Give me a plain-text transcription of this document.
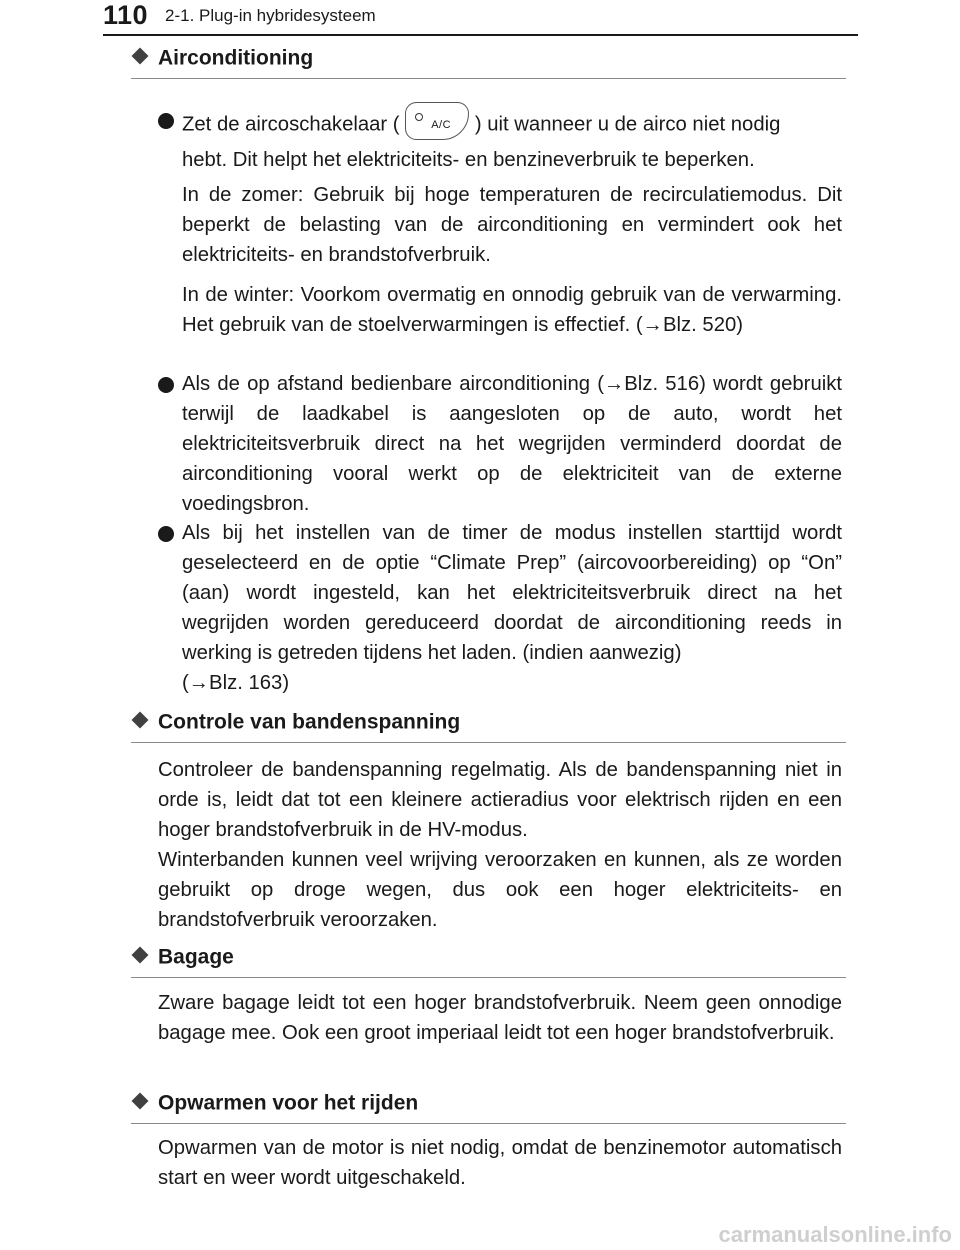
110 2-1. Plug-in hybridesysteem
Airconditioning
Zet de aircoschakelaar (	A/C ) uit wanneer u de airco niet nodig
hebt. Dit helpt het elektriciteits- en benzineverbruik te beperken.
In de zomer: Gebruik bij hoge temperaturen de recirculatiemodus. Dit beperkt de belasting van de airconditioning en vermindert ook het elektriciteits- en brandstofverbruik.
In de winter: Voorkom overmatig en onnodig gebruik van de verwarming. Het gebruik van de stoelverwarmingen is effectief. (→Blz. 520)
Als de op afstand bedienbare airconditioning (→Blz. 516) wordt gebruikt terwijl de laadkabel is aangesloten op de auto, wordt het elektriciteitsverbruik direct na het wegrijden verminderd doordat de airconditioning vooral werkt op de elektriciteit van de externe voedingsbron.
Als bij het instellen van de timer de modus instellen starttijd wordt geselecteerd en de optie “Climate Prep” (aircovoorbereiding) op “On” (aan) wordt ingesteld, kan het elektriciteitsverbruik direct na het wegrijden worden gereduceerd doordat de airconditioning reeds in werking is getreden tijdens het laden. (indien aanwezig)
(→Blz. 163)
Controle van bandenspanning
Controleer de bandenspanning regelmatig. Als de bandenspanning niet in orde is, leidt dat tot een kleinere actieradius voor elektrisch rijden en een hoger brandstofverbruik in de HV-modus.
Winterbanden kunnen veel wrijving veroorzaken en kunnen, als ze worden gebruikt op droge wegen, dus ook een hoger elektriciteits- en brandstofverbruik veroorzaken.
Bagage
Zware bagage leidt tot een hoger brandstofverbruik. Neem geen onnodige bagage mee. Ook een groot imperiaal leidt tot een hoger brandstofverbruik.
Opwarmen voor het rijden
Opwarmen van de motor is niet nodig, omdat de benzinemotor automatisch start en weer wordt uitgeschakeld.
carmanualsonline.info
